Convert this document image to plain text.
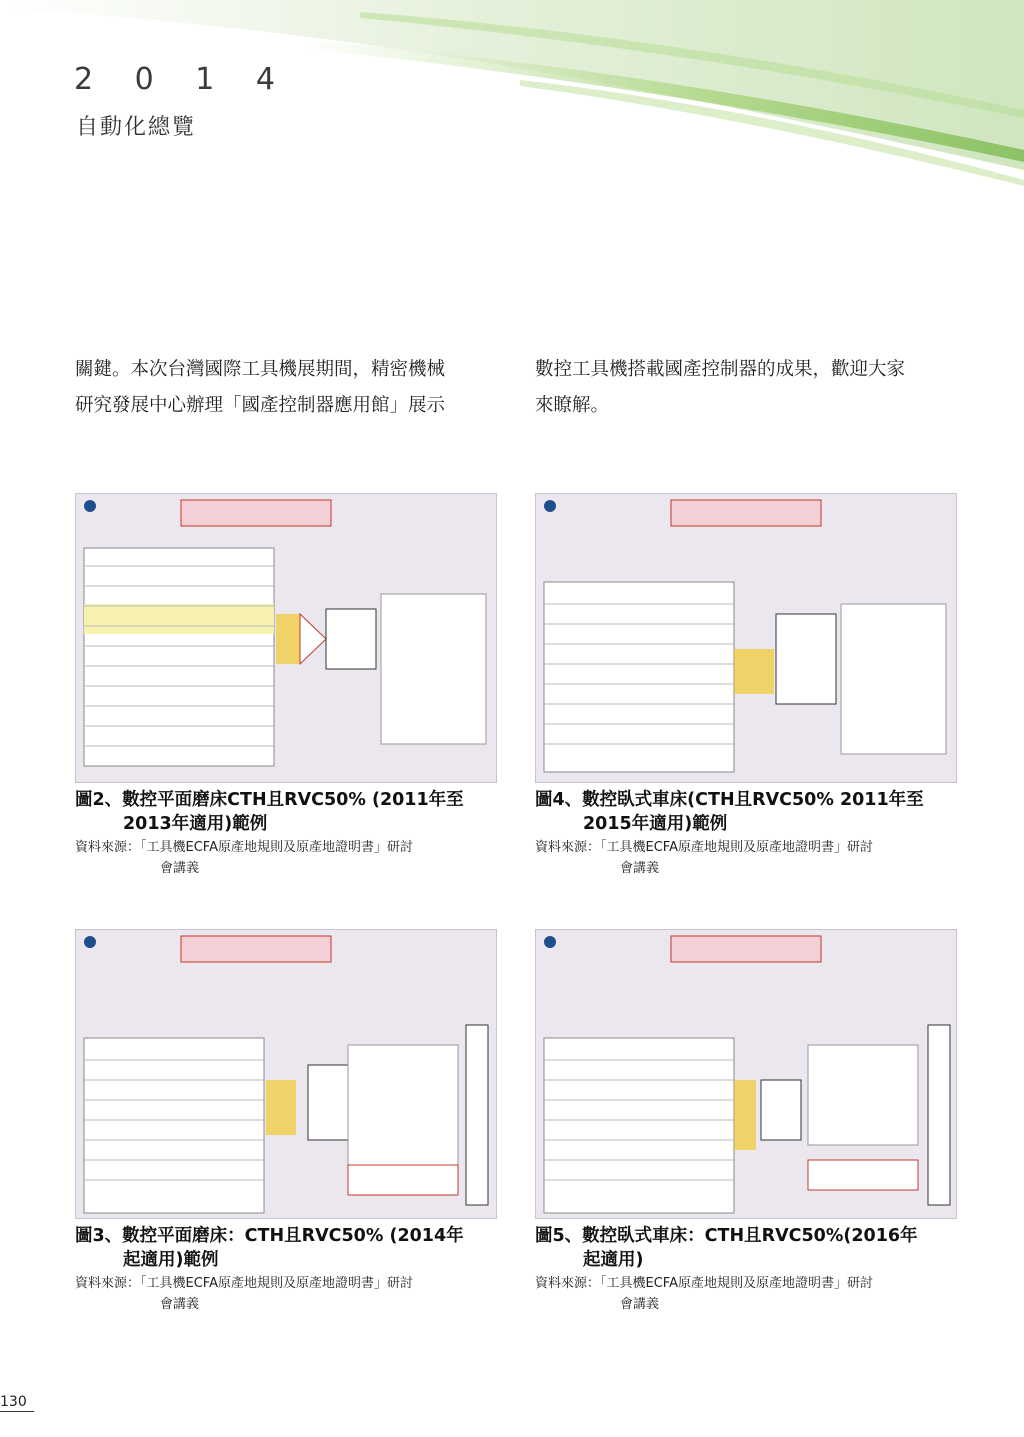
2 0 1 4
自動化總覽

關鍵。本次台灣國際工具機展期間，精密機械

研究發展中心辦理「國產控制器應用館」展示

數控工具機搭載國產控制器的成果，歡迎大家

來瞭解。

圖2、數控平面磨床CTH且RVC50% (2011年至
2013年適用)範例
資料來源：「工具機ECFA原產地規則及原產地證明書」研討
會講義
圖4、數控臥式車床(CTH且RVC50% 2011年至
2015年適用)範例
資料來源：「工具機ECFA原產地規則及原產地證明書」研討
會講義
圖3、數控平面磨床：CTH且RVC50% (2014年
起適用)範例
資料來源：「工具機ECFA原產地規則及原產地證明書」研討
會講義
圖5、數控臥式車床：CTH且RVC50%(2016年
起適用)
資料來源：「工具機ECFA原產地規則及原產地證明書」研討
會講義
130
